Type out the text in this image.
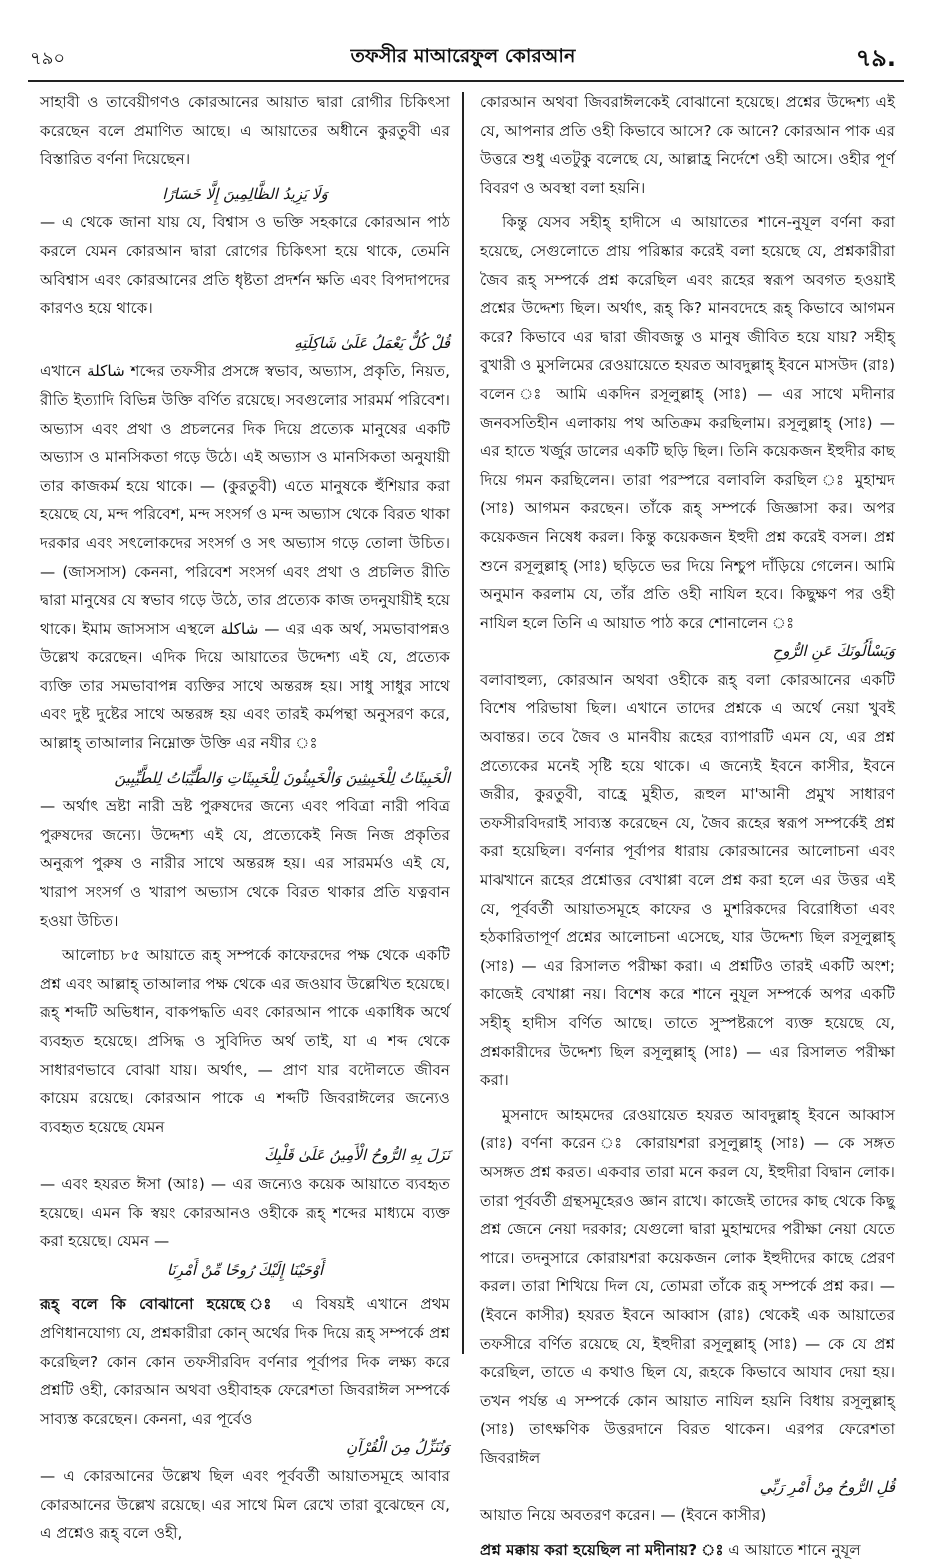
৭৯০	তফসীর মাআরেফুল কোরআন	৭৯.

সাহাবী ও তাবেয়ীগণও কোরআনের আয়াত দ্বারা রোগীর চিকিৎসা করেছেন বলে প্রমাণিত আছে। এ আয়াতের অধীনে কুরতুবী এর বিস্তারিত বর্ণনা দিয়েছেন।

وَلَا يَزِيدُ الظَّالِمِينَ إِلَّا خَسَارًا

— এ থেকে জানা যায় যে, বিশ্বাস ও ভক্তি সহকারে কোরআন পাঠ করলে যেমন কোরআন দ্বারা রোগের চিকিৎসা হয়ে থাকে, তেমনি অবিশ্বাস এবং কোরআনের প্রতি ধৃষ্টতা প্রদর্শন ক্ষতি এবং বিপদাপদের কারণও হয়ে থাকে।

قُلْ كُلٌّ يَعْمَلُ عَلَىٰ شَاكِلَتِهِ

এখানে شاكلة শব্দের তফসীর প্রসঙ্গে স্বভাব, অভ্যাস, প্রকৃতি, নিয়ত, রীতি ইত্যাদি বিভিন্ন উক্তি বর্ণিত রয়েছে। সবগুলোর সারমর্ম পরিবেশ। অভ্যাস এবং প্রথা ও প্রচলনের দিক দিয়ে প্রত্যেক মানুষের একটি অভ্যাস ও মানসিকতা গড়ে উঠে। এই অভ্যাস ও মানসিকতা অনুযায়ী তার কাজকর্ম হয়ে থাকে। — (কুরতুবী) এতে মানুষকে হুঁশিয়ার করা হয়েছে যে, মন্দ পরিবেশ, মন্দ সংসর্গ ও মন্দ অভ্যাস থেকে বিরত থাকা দরকার এবং সৎলোকদের সংসর্গ ও সৎ অভ্যাস গড়ে তোলা উচিত। — (জাসসাস) কেননা, পরিবেশ সংসর্গ এবং প্রথা ও প্রচলিত রীতি দ্বারা মানুষের যে স্বভাব গড়ে উঠে, তার প্রত্যেক কাজ তদনুযায়ীই হয়ে থাকে। ইমাম জাসসাস এস্থলে شاكلة — এর এক অর্থ, সমভাবাপন্নও উল্লেখ করেছেন। এদিক দিয়ে আয়াতের উদ্দেশ্য এই যে, প্রত্যেক ব্যক্তি তার সমভাবাপন্ন ব্যক্তির সাথে অন্তরঙ্গ হয়। সাধু সাধুর সাথে এবং দুষ্ট দুষ্টের সাথে অন্তরঙ্গ হয় এবং তারই কর্মপন্থা অনুসরণ করে, আল্লাহ্ তাআলার নিম্নোক্ত উক্তি এর নযীর ঃ

الْخَبِيثَاتُ لِلْخَبِيثِينَ وَالْخَبِيثُونَ لِلْخَبِيثَاتِ وَالطَّيِّبَاتُ لِلطَّيِّبِينَ

— অর্থাৎ ভ্রষ্টা নারী ভ্রষ্ট পুরুষদের জন্যে এবং পবিত্রা নারী পবিত্র পুরুষদের জন্যে। উদ্দেশ্য এই যে, প্রত্যেকেই নিজ নিজ প্রকৃতির অনুরূপ পুরুষ ও নারীর সাথে অন্তরঙ্গ হয়। এর সারমর্মও এই যে, খারাপ সংসর্গ ও খারাপ অভ্যাস থেকে বিরত থাকার প্রতি যত্নবান হওয়া উচিত।

আলোচ্য ৮৫ আয়াতে রূহ্ সম্পর্কে কাফেরদের পক্ষ থেকে একটি প্রশ্ন এবং আল্লাহ্ তাআলার পক্ষ থেকে এর জওয়াব উল্লেখিত হয়েছে। রূহ্ শব্দটি অভিধান, বাকপদ্ধতি এবং কোরআন পাকে একাধিক অর্থে ব্যবহৃত হয়েছে। প্রসিদ্ধ ও সুবিদিত অর্থ তাই, যা এ শব্দ থেকে সাধারণভাবে বোঝা যায়। অর্থাৎ, — প্রাণ যার বদৌলতে জীবন কায়েম রয়েছে। কোরআন পাকে এ শব্দটি জিবরাঈলের জন্যেও ব্যবহৃত হয়েছে যেমন

نَزَلَ بِهِ الرُّوحُ الْأَمِينُ عَلَىٰ قَلْبِكَ

— এবং হযরত ঈসা (আঃ) — এর জন্যেও কয়েক আয়াতে ব্যবহৃত হয়েছে। এমন কি স্বয়ং কোরআনও ওহীকে রূহ্ শব্দের মাধ্যমে ব্যক্ত করা হয়েছে। যেমন —

أَوْحَيْنَا إِلَيْكَ رُوحًا مِّنْ أَمْرِنَا

রূহ্ বলে কি বোঝানো হয়েছে ঃ এ বিষয়ই এখানে প্রথম প্রণিধানযোগ্য যে, প্রশ্নকারীরা কোন্ অর্থের দিক দিয়ে রূহ্ সম্পর্কে প্রশ্ন করেছিল? কোন কোন তফসীরবিদ বর্ণনার পূর্বাপর দিক লক্ষ্য করে প্রশ্নটি ওহী, কোরআন অথবা ওহীবাহক ফেরেশতা জিবরাঈল সম্পর্কে সাব্যস্ত করেছেন। কেননা, এর পূর্বেও

وَنُنَزِّلُ مِنَ الْقُرْآنِ

— এ কোরআনের উল্লেখ ছিল এবং পূর্ববর্তী আয়াতসমূহে আবার কোরআনের উল্লেখ রয়েছে। এর সাথে মিল রেখে তারা বুঝেছেন যে, এ প্রশ্নেও রূহ্ বলে ওহী,

কোরআন অথবা জিবরাঈলকেই বোঝানো হয়েছে। প্রশ্নের উদ্দেশ্য এই যে, আপনার প্রতি ওহী কিভাবে আসে? কে আনে? কোরআন পাক এর উত্তরে শুধু এতটুকু বলেছে যে, আল্লাহ্র নির্দেশে ওহী আসে। ওহীর পূর্ণ বিবরণ ও অবস্থা বলা হয়নি।

কিন্তু যেসব সহীহ্ হাদীসে এ আয়াতের শানে-নুযূল বর্ণনা করা হয়েছে, সেগুলোতে প্রায় পরিষ্কার করেই বলা হয়েছে যে, প্রশ্নকারীরা জৈব রূহ্ সম্পর্কে প্রশ্ন করেছিল এবং রূহের স্বরূপ অবগত হওয়াই প্রশ্নের উদ্দেশ্য ছিল। অর্থাৎ, রূহ্ কি? মানবদেহে রূহ্ কিভাবে আগমন করে? কিভাবে এর দ্বারা জীবজন্তু ও মানুষ জীবিত হয়ে যায়? সহীহ্ বুখারী ও মুসলিমের রেওয়ায়েতে হযরত আবদুল্লাহ্ ইবনে মাসউদ (রাঃ) বলেন ঃ আমি একদিন রসূলুল্লাহ্ (সাঃ) — এর সাথে মদীনার জনবসতিহীন এলাকায় পথ অতিক্রম করছিলাম। রসূলুল্লাহ্ (সাঃ) — এর হাতে খর্জুর ডালের একটি ছড়ি ছিল। তিনি কয়েকজন ইহুদীর কাছ দিয়ে গমন করছিলেন। তারা পরস্পরে বলাবলি করছিল ঃ মুহাম্মদ (সাঃ) আগমন করছেন। তাঁকে রূহ্ সম্পর্কে জিজ্ঞাসা কর। অপর কয়েকজন নিষেধ করল। কিন্তু কয়েকজন ইহুদী প্রশ্ন করেই বসল। প্রশ্ন শুনে রসূলুল্লাহ্ (সাঃ) ছড়িতে ভর দিয়ে নিশ্চুপ দাঁড়িয়ে গেলেন। আমি অনুমান করলাম যে, তাঁর প্রতি ওহী নাযিল হবে। কিছুক্ষণ পর ওহী নাযিল হলে তিনি এ আয়াত পাঠ করে শোনালেন ঃ

وَيَسْأَلُونَكَ عَنِ الرُّوحِ

বলাবাহুল্য, কোরআন অথবা ওহীকে রূহ্ বলা কোরআনের একটি বিশেষ পরিভাষা ছিল। এখানে তাদের প্রশ্নকে এ অর্থে নেয়া খুবই অবান্তর। তবে জৈব ও মানবীয় রূহের ব্যাপারটি এমন যে, এর প্রশ্ন প্রত্যেকের মনেই সৃষ্টি হয়ে থাকে। এ জন্যেই ইবনে কাসীর, ইবনে জরীর, কুরতুবী, বাহ্রে মুহীত, রূহুল মা'আনী প্রমুখ সাধারণ তফসীরবিদরাই সাব্যস্ত করেছেন যে, জৈব রূহের স্বরূপ সম্পর্কেই প্রশ্ন করা হয়েছিল। বর্ণনার পূর্বাপর ধারায় কোরআনের আলোচনা এবং মাঝখানে রূহের প্রশ্নোত্তর বেখাপ্পা বলে প্রশ্ন করা হলে এর উত্তর এই যে, পূর্ববর্তী আয়াতসমূহে কাফের ও মুশরিকদের বিরোধিতা এবং হঠকারিতাপূর্ণ প্রশ্নের আলোচনা এসেছে, যার উদ্দেশ্য ছিল রসূলুল্লাহ্ (সাঃ) — এর রিসালত পরীক্ষা করা। এ প্রশ্নটিও তারই একটি অংশ; কাজেই বেখাপ্পা নয়। বিশেষ করে শানে নুযূল সম্পর্কে অপর একটি সহীহ্ হাদীস বর্ণিত আছে। তাতে সুস্পষ্টরূপে ব্যক্ত হয়েছে যে, প্রশ্নকারীদের উদ্দেশ্য ছিল রসূলুল্লাহ্ (সাঃ) — এর রিসালত পরীক্ষা করা।

মুসনাদে আহমদের রেওয়ায়েত হযরত আবদুল্লাহ্ ইবনে আব্বাস (রাঃ) বর্ণনা করেন ঃ কোরায়শরা রসূলুল্লাহ্ (সাঃ) — কে সঙ্গত অসঙ্গত প্রশ্ন করত। একবার তারা মনে করল যে, ইহুদীরা বিদ্বান লোক। তারা পূর্ববর্তী গ্রন্থসমূহেরও জ্ঞান রাখে। কাজেই তাদের কাছ থেকে কিছু প্রশ্ন জেনে নেয়া দরকার; যেগুলো দ্বারা মুহাম্মদের পরীক্ষা নেয়া যেতে পারে। তদনুসারে কোরায়শরা কয়েকজন লোক ইহুদীদের কাছে প্রেরণ করল। তারা শিখিয়ে দিল যে, তোমরা তাঁকে রূহ্ সম্পর্কে প্রশ্ন কর। — (ইবনে কাসীর) হযরত ইবনে আব্বাস (রাঃ) থেকেই এক আয়াতের তফসীরে বর্ণিত রয়েছে যে, ইহুদীরা রসূলুল্লাহ্ (সাঃ) — কে যে প্রশ্ন করেছিল, তাতে এ কথাও ছিল যে, রূহকে কিভাবে আযাব দেয়া হয়। তখন পর্যন্ত এ সম্পর্কে কোন আয়াত নাযিল হয়নি বিধায় রসূলুল্লাহ্ (সাঃ) তাৎক্ষণিক উত্তরদানে বিরত থাকেন। এরপর ফেরেশতা জিবরাঈল

قُلِ الرُّوحُ مِنْ أَمْرِ رَبِّي

আয়াত নিয়ে অবতরণ করেন। — (ইবনে কাসীর)

প্রশ্ন মক্কায় করা হয়েছিল না মদীনায়? ঃ এ আয়াতে শানে নুযূল
